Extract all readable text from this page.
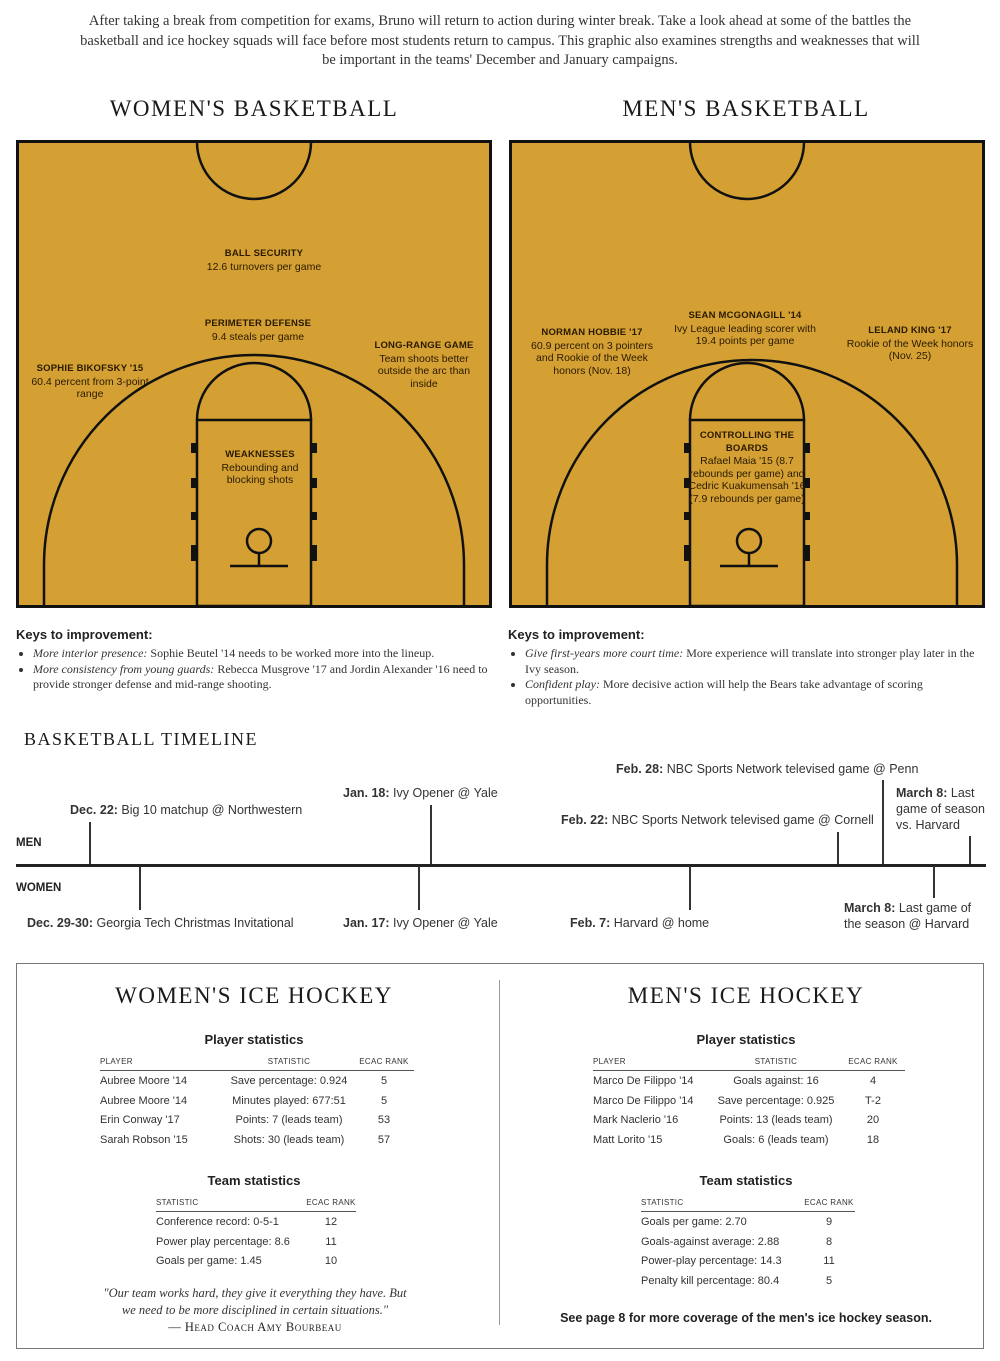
After taking a break from competition for exams, Bruno will return to action during winter break. Take a look ahead at some of the battles the basketball and ice hockey squads will face before most students return to campus. This graphic also examines strengths and weaknesses that will be important in the teams' December and January campaigns.
WOMEN'S BASKETBALL
BALL SECURITY
12.6 turnovers per game
PERIMETER DEFENSE
9.4 steals per game
SOPHIE BIKOFSKY '15
60.4 percent from 3-point range
LONG-RANGE GAME
Team shoots better outside the arc than inside
WEAKNESSES
Rebounding and blocking shots
MEN'S BASKETBALL
NORMAN HOBBIE '17
60.9 percent on 3 pointers and Rookie of the Week honors (Nov. 18)
SEAN MCGONAGILL '14
Ivy League leading scorer with 19.4 points per game
LELAND KING '17
Rookie of the Week honors (Nov. 25)
CONTROLLING THE BOARDS
Rafael Maia '15 (8.7 rebounds per game) and Cedric Kuakumensah '16 (7.9 rebounds per game)
Keys to improvement:
• More interior presence: Sophie Beutel '14 needs to be worked more into the lineup.
• More consistency from young guards: Rebecca Musgrove '17 and Jordin Alexander '16 need to provide stronger defense and mid-range shooting.
Keys to improvement:
• Give first-years more court time: More experience will translate into stronger play later in the Ivy season.
• Confident play: More decisive action will help the Bears take advantage of scoring opportunities.
BASKETBALL TIMELINE
MEN
WOMEN
Dec. 22: Big 10 matchup @ Northwestern
Jan. 18: Ivy Opener @ Yale
Feb. 22: NBC Sports Network televised game @ Cornell
Feb. 28: NBC Sports Network televised game @ Penn
March 8: Last game of season vs. Harvard
Dec. 29-30: Georgia Tech Christmas Invitational	Jan. 17: Ivy Opener @ Yale	Feb. 7: Harvard @ home
March 8: Last game of the season @ Harvard
WOMEN'S ICE HOCKEY
Player statistics
PLAYER	STATISTIC	ECAC RANK
Aubree Moore '14	Save percentage: 0.924	5
Aubree Moore '14	Minutes played: 677:51	5
Erin Conway '17	Points: 7 (leads team)	53
Sarah Robson '15	Shots: 30 (leads team)	57
Team statistics
STATISTIC	ECAC RANK
Conference record: 0-5-1	12
Power play percentage: 8.6	11
Goals per game: 1.45	10
"Our team works hard, they give it everything they have. But we need to be more disciplined in certain situations."
— Head Coach Amy Bourbeau
MEN'S ICE HOCKEY
Player statistics
PLAYER	STATISTIC	ECAC RANK
Marco De Filippo '14	Goals against: 16	4
Marco De Filippo '14	Save percentage: 0.925	T-2
Mark Naclerio '16	Points: 13 (leads team)	20
Matt Lorito '15	Goals: 6 (leads team)	18
Team statistics
STATISTIC	ECAC RANK
Goals per game: 2.70	9
Goals-against average: 2.88	8
Power-play percentage: 14.3	11
Penalty kill percentage: 80.4	5
See page 8 for more coverage of the men's ice hockey season.
